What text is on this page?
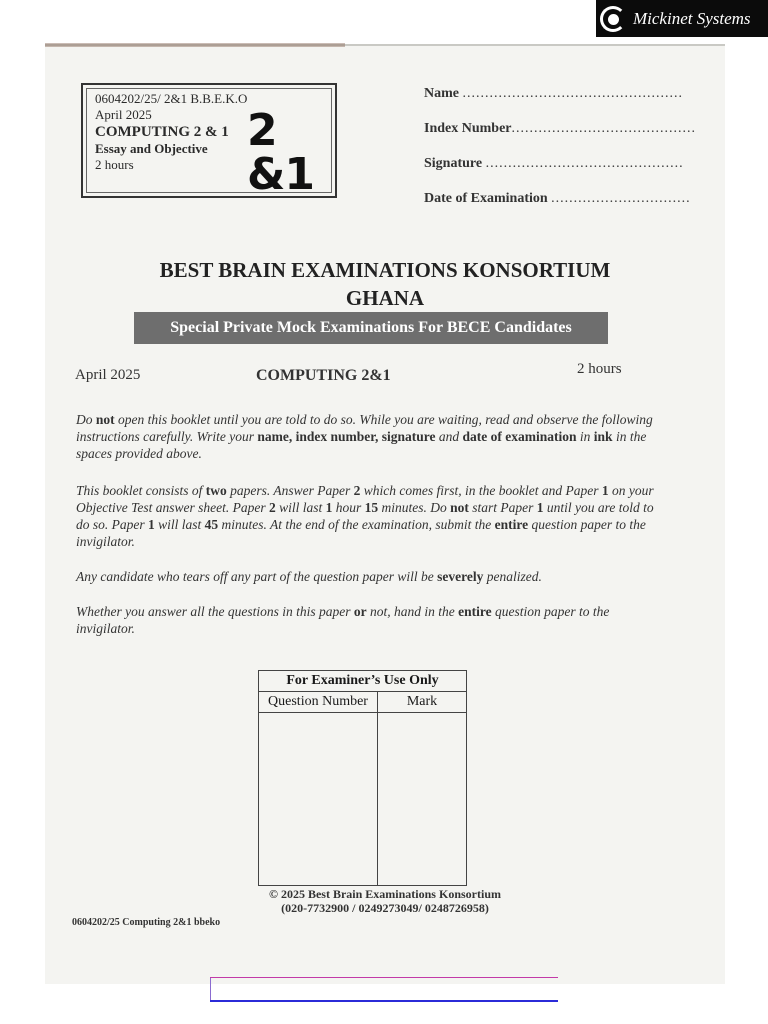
Mickinet Systems
0604202/25/ 2&1 B.B.E.K.O
April 2025
COMPUTING 2 & 1
Essay and Objective
2 hours
2 &1
Name .................................................
Index Number.........................................
Signature ............................................
Date of Examination ...............................
BEST BRAIN EXAMINATIONS KONSORTIUM
GHANA
Special Private Mock Examinations For BECE Candidates
April 2025	COMPUTING 2&1	2 hours
Do not open this booklet until you are told to do so. While you are waiting, read and observe the following instructions carefully. Write your name, index number, signature and date of examination in ink in the spaces provided above.
This booklet consists of two papers. Answer Paper 2 which comes first, in the booklet and Paper 1 on your Objective Test answer sheet. Paper 2 will last 1 hour 15 minutes. Do not start Paper 1 until you are told to do so. Paper 1 will last 45 minutes. At the end of the examination, submit the entire question paper to the invigilator.
Any candidate who tears off any part of the question paper will be severely penalized.
Whether you answer all the questions in this paper or not, hand in the entire question paper to the invigilator.
For Examiner’s Use Only
Question Number	Mark
© 2025 Best Brain Examinations Konsortium
(020-7732900 / 0249273049/ 0248726958)
0604202/25 Computing 2&1 bbeko
